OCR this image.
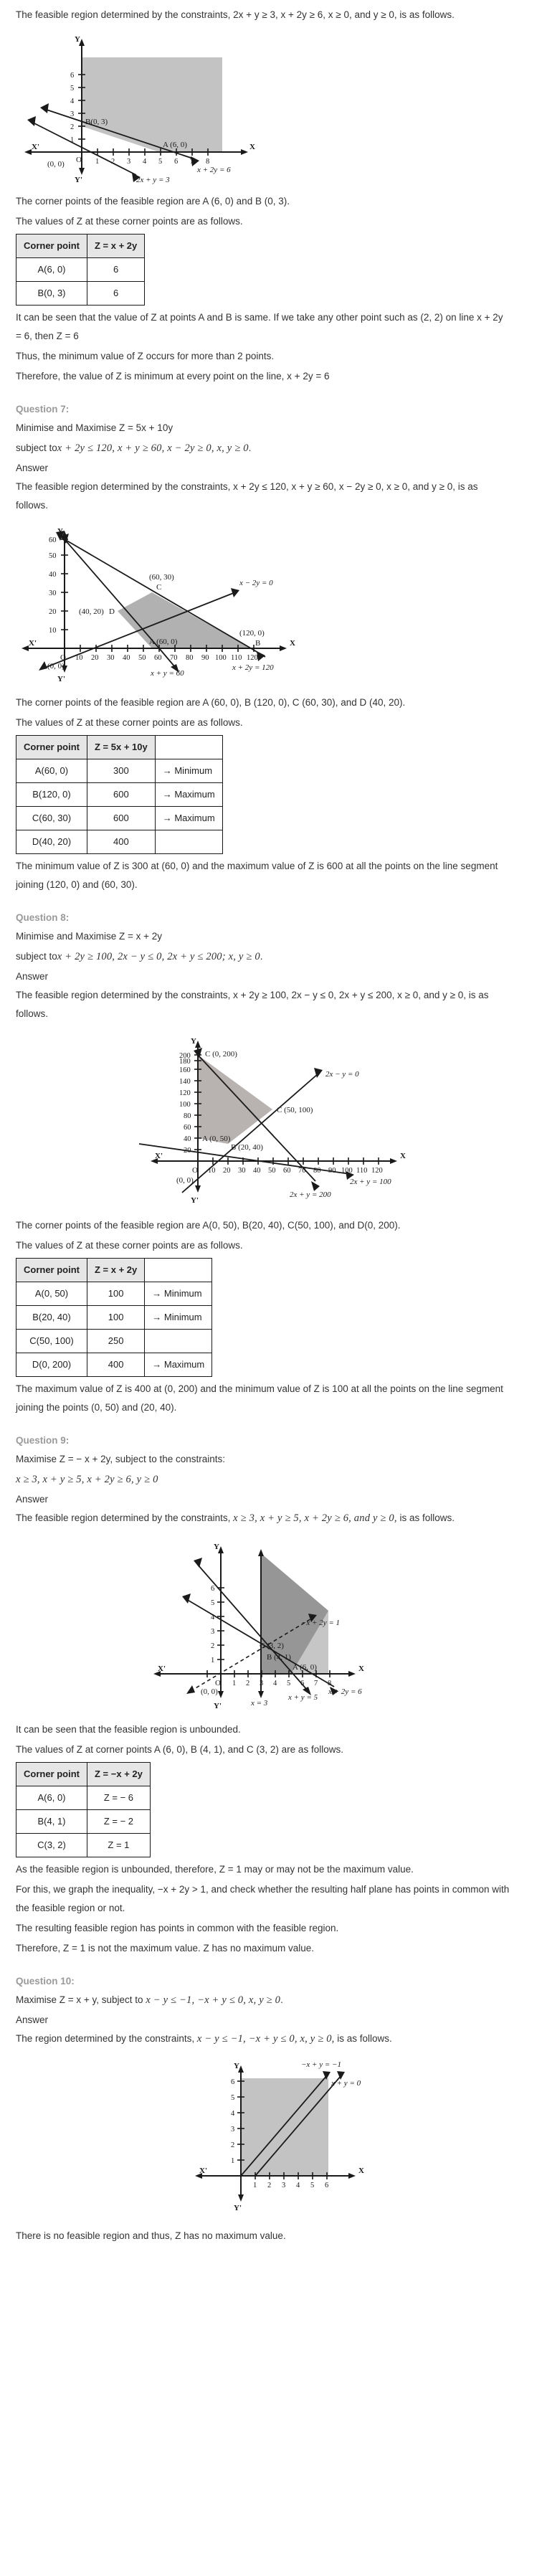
The feasible region determined by the constraints, 2x + y ≥ 3, x + 2y ≥ 6, x ≥ 0, and y ≥ 0, is as follows.

Y
Y'
X
X'
O
(0, 0)	1 2 3 4 5 6 7 8
1
2
3
4
5
6
B(0, 3)
A (6, 0)
x + 2y = 6
2x + y = 3

The corner points of the feasible region are A (6, 0) and B (0, 3).

The values of Z at these corner points are as follows.

Corner point	Z = x + 2y
A(6, 0)	6
B(0, 3)	6

It can be seen that the value of Z at points A and B is same. If we take any other point such as (2, 2) on line x + 2y = 6, then Z = 6

Thus, the minimum value of Z occurs for more than 2 points.

Therefore, the value of Z is minimum at every point on the line, x + 2y = 6

Question 7:

Minimise and Maximise Z = 5x + 10y

subject tox + 2y ≤ 120, x + y ≥ 60, x − 2y ≥ 0, x, y ≥ 0.

Answer

The feasible region determined by the constraints, x + 2y ≤ 120, x + y ≥ 60, x − 2y ≥ 0, x ≥ 0, and y ≥ 0, is as follows.

Y
Y'
X
X'
O
(0, 0)
10 20 30 40 50 60 70 80 90 100 110 120
10
20
30
40
50
60
A (60, 0)	B
(120, 0)
C
(60, 30)
D
(40, 20)
x − 2y = 0
x + 2y = 120
x + y = 60

The corner points of the feasible region are A (60, 0), B (120, 0), C (60, 30), and D (40, 20).

The values of Z at these corner points are as follows.

Corner point	Z = 5x + 10y	
A(60, 0)	300	→ Minimum
B(120, 0)	600	→ Maximum
C(60, 30)	600	→ Maximum
D(40, 20)	400	

The minimum value of Z is 300 at (60, 0) and the maximum value of Z is 600 at all the points on the line segment joining (120, 0) and (60, 30).

Question 8:

Minimise and Maximise Z = x + 2y

subject tox + 2y ≥ 100, 2x − y ≤ 0, 2x + y ≤ 200; x, y ≥ 0.

Answer

The feasible region determined by the constraints, x + 2y ≥ 100, 2x − y ≤ 0, 2x + y ≤ 200, x ≥ 0, and y ≥ 0, is as follows.

Y
Y'
X
X'
O
(0, 0)
10 20 30 40 50 60 70 80 90 100 110 120
20
40
60
80
100
120
140
160
180
200
A (0, 50)
B (20, 40)
C (50, 100)
C (0, 200)
2x − y = 0
2x + y = 100
2x + y = 200

The corner points of the feasible region are A(0, 50), B(20, 40), C(50, 100), and D(0, 200).

The values of Z at these corner points are as follows.

Corner point	Z = x + 2y	
A(0, 50)	100	→ Minimum
B(20, 40)	100	→ Minimum
C(50, 100)	250	
D(0, 200)	400	→ Maximum

The maximum value of Z is 400 at (0, 200) and the minimum value of Z is 100 at all the points on the line segment joining the points (0, 50) and (20, 40).

Question 9:

Maximise Z = − x + 2y, subject to the constraints:

x ≥ 3, x + y ≥ 5, x + 2y ≥ 6, y ≥ 0

Answer

The feasible region determined by the constraints, x ≥ 3, x + y ≥ 5, x + 2y ≥ 6, and y ≥ 0, is as follows.

Y
Y'
X
X'
O
(0, 0)
1 2 3 4 5 6 7 8
1
2
3
4
5
6
A (6, 0)
B (4, 1)
C (3, 2)
−x + 2y = 1
x = 3
x + y = 5
x + 2y = 6

It can be seen that the feasible region is unbounded.

The values of Z at corner points A (6, 0), B (4, 1), and C (3, 2) are as follows.

Corner point	Z = −x + 2y
A(6, 0)	Z = − 6
B(4, 1)	Z = − 2
C(3, 2)	Z = 1

As the feasible region is unbounded, therefore, Z = 1 may or may not be the maximum value.

For this, we graph the inequality, −x + 2y > 1, and check whether the resulting half plane has points in common with the feasible region or not.

The resulting feasible region has points in common with the feasible region.

Therefore, Z = 1 is not the maximum value. Z has no maximum value.

Question 10:

Maximise Z = x + y, subject to x − y ≤ −1, −x + y ≤ 0, x, y ≥ 0.

Answer

The region determined by the constraints, x − y ≤ −1, −x + y ≤ 0, x, y ≥ 0, is as follows.

Y
Y'
X
X'
1 2 3 4 5 6
1
2
3
4
5
6
−x + y = −1
x + y = 0

There is no feasible region and thus, Z has no maximum value.
